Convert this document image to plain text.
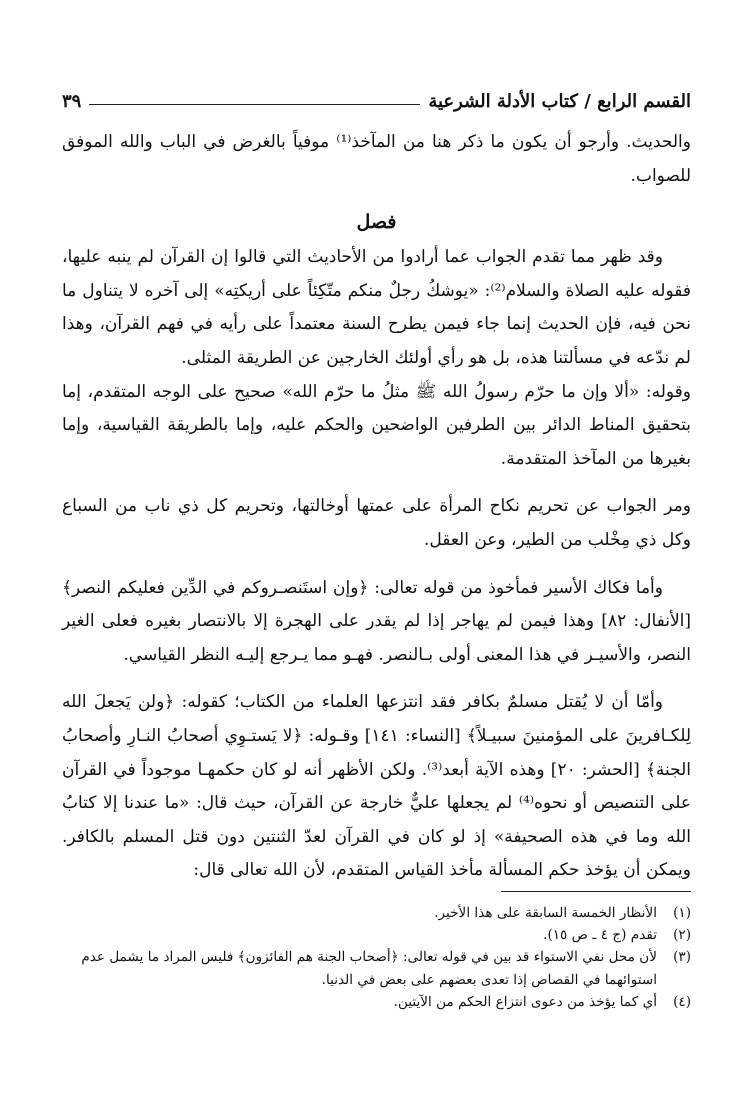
القسم الرابع / كتاب الأدلة الشرعية
٣٩

والحديث. وأرجو أن يكون ما ذكر هنا من المآخذ⁽¹⁾ موفياً بالغرض في الباب والله الموفق للصواب.

فصل

وقد ظهر مما تقدم الجواب عما أرادوا من الأحاديث التي قالوا إن القرآن لم ينبه عليها، فقوله عليه الصلاة والسلام⁽²⁾: «يوشكُ رجلٌ منكم متّكِئاً على أريكتِه» إلى آخره لا يتناول ما نحن فيه، فإن الحديث إنما جاء فيمن يطرح السنة معتمداً على رأيه في فهم القرآن، وهذا لم ندّعه في مسألتنا هذه، بل هو رأي أولئك الخارجين عن الطريقة المثلى.

وقوله: «ألا وإن ما حرّم رسولُ الله ﷺ مثلُ ما حرّم الله» صحيح على الوجه المتقدم، إما بتحقيق المناط الدائر بين الطرفين الواضحين والحكم عليه، وإما بالطريقة القياسية، وإما بغيرها من المآخذ المتقدمة.

ومر الجواب عن تحريم نكاح المرأة على عمتها أوخالتها، وتحريم كل ذي ناب من السباع وكل ذي مِخْلب من الطير، وعن العقل.

وأما فكاك الأسير فمأخوذ من قوله تعالى: ﴿وإن استَنصـروكم في الدِّين فعليكم النصر﴾ [الأنفال: ٨٢] وهذا فيمن لم يهاجر إذا لم يقدر على الهجرة إلا بالانتصار بغيره فعلى الغير النصر، والأسيـر في هذا المعنى أولى بـالنصر. فهـو مما يـرجع إليـه النظر القياسي.

وأمّا أن لا يُقتل مسلمٌ بكافر فقد انتزعها العلماء من الكتاب؛ كقوله: ﴿ولن يَجعلَ الله لِلكـافرينَ على المؤمنينَ سبيـلاً﴾ [النساء: ١٤١] وقـوله: ﴿لا يَستـوِي أصحابُ النـارِ وأصحابُ الجنة﴾ [الحشر: ٢٠] وهذه الآية أبعد⁽³⁾. ولكن الأظهر أنه لو كان حكمهـا موجوداً في القرآن على التنصيص أو نحوه⁽⁴⁾ لم يجعلها عليٌّ خارجة عن القرآن، حيث قال: «ما عندنا إلا كتابُ الله وما في هذه الصحيفة» إذ لو كان في القرآن لعدّ الثنتين دون قتل المسلم بالكافر. ويمكن أن يؤخذ حكم المسألة مأخذ القياس المتقدم، لأن الله تعالى قال:

(١)
الأنظار الخمسة السابقة على هذا الأخير.
(٢)
تقدم (ج ٤ ـ ص ١٥).
(٣)
لأن محل نفي الاستواء قد بين في قوله تعالى: ﴿أصحاب الجنة هم الفائزون﴾ فليس المراد ما يشمل عدم استوائهما في القصاص إذا تعدى بعضهم على بعض في الدنيا.
(٤)
أي كما يؤخذ من دعوى انتزاع الحكم من الآيتين.
